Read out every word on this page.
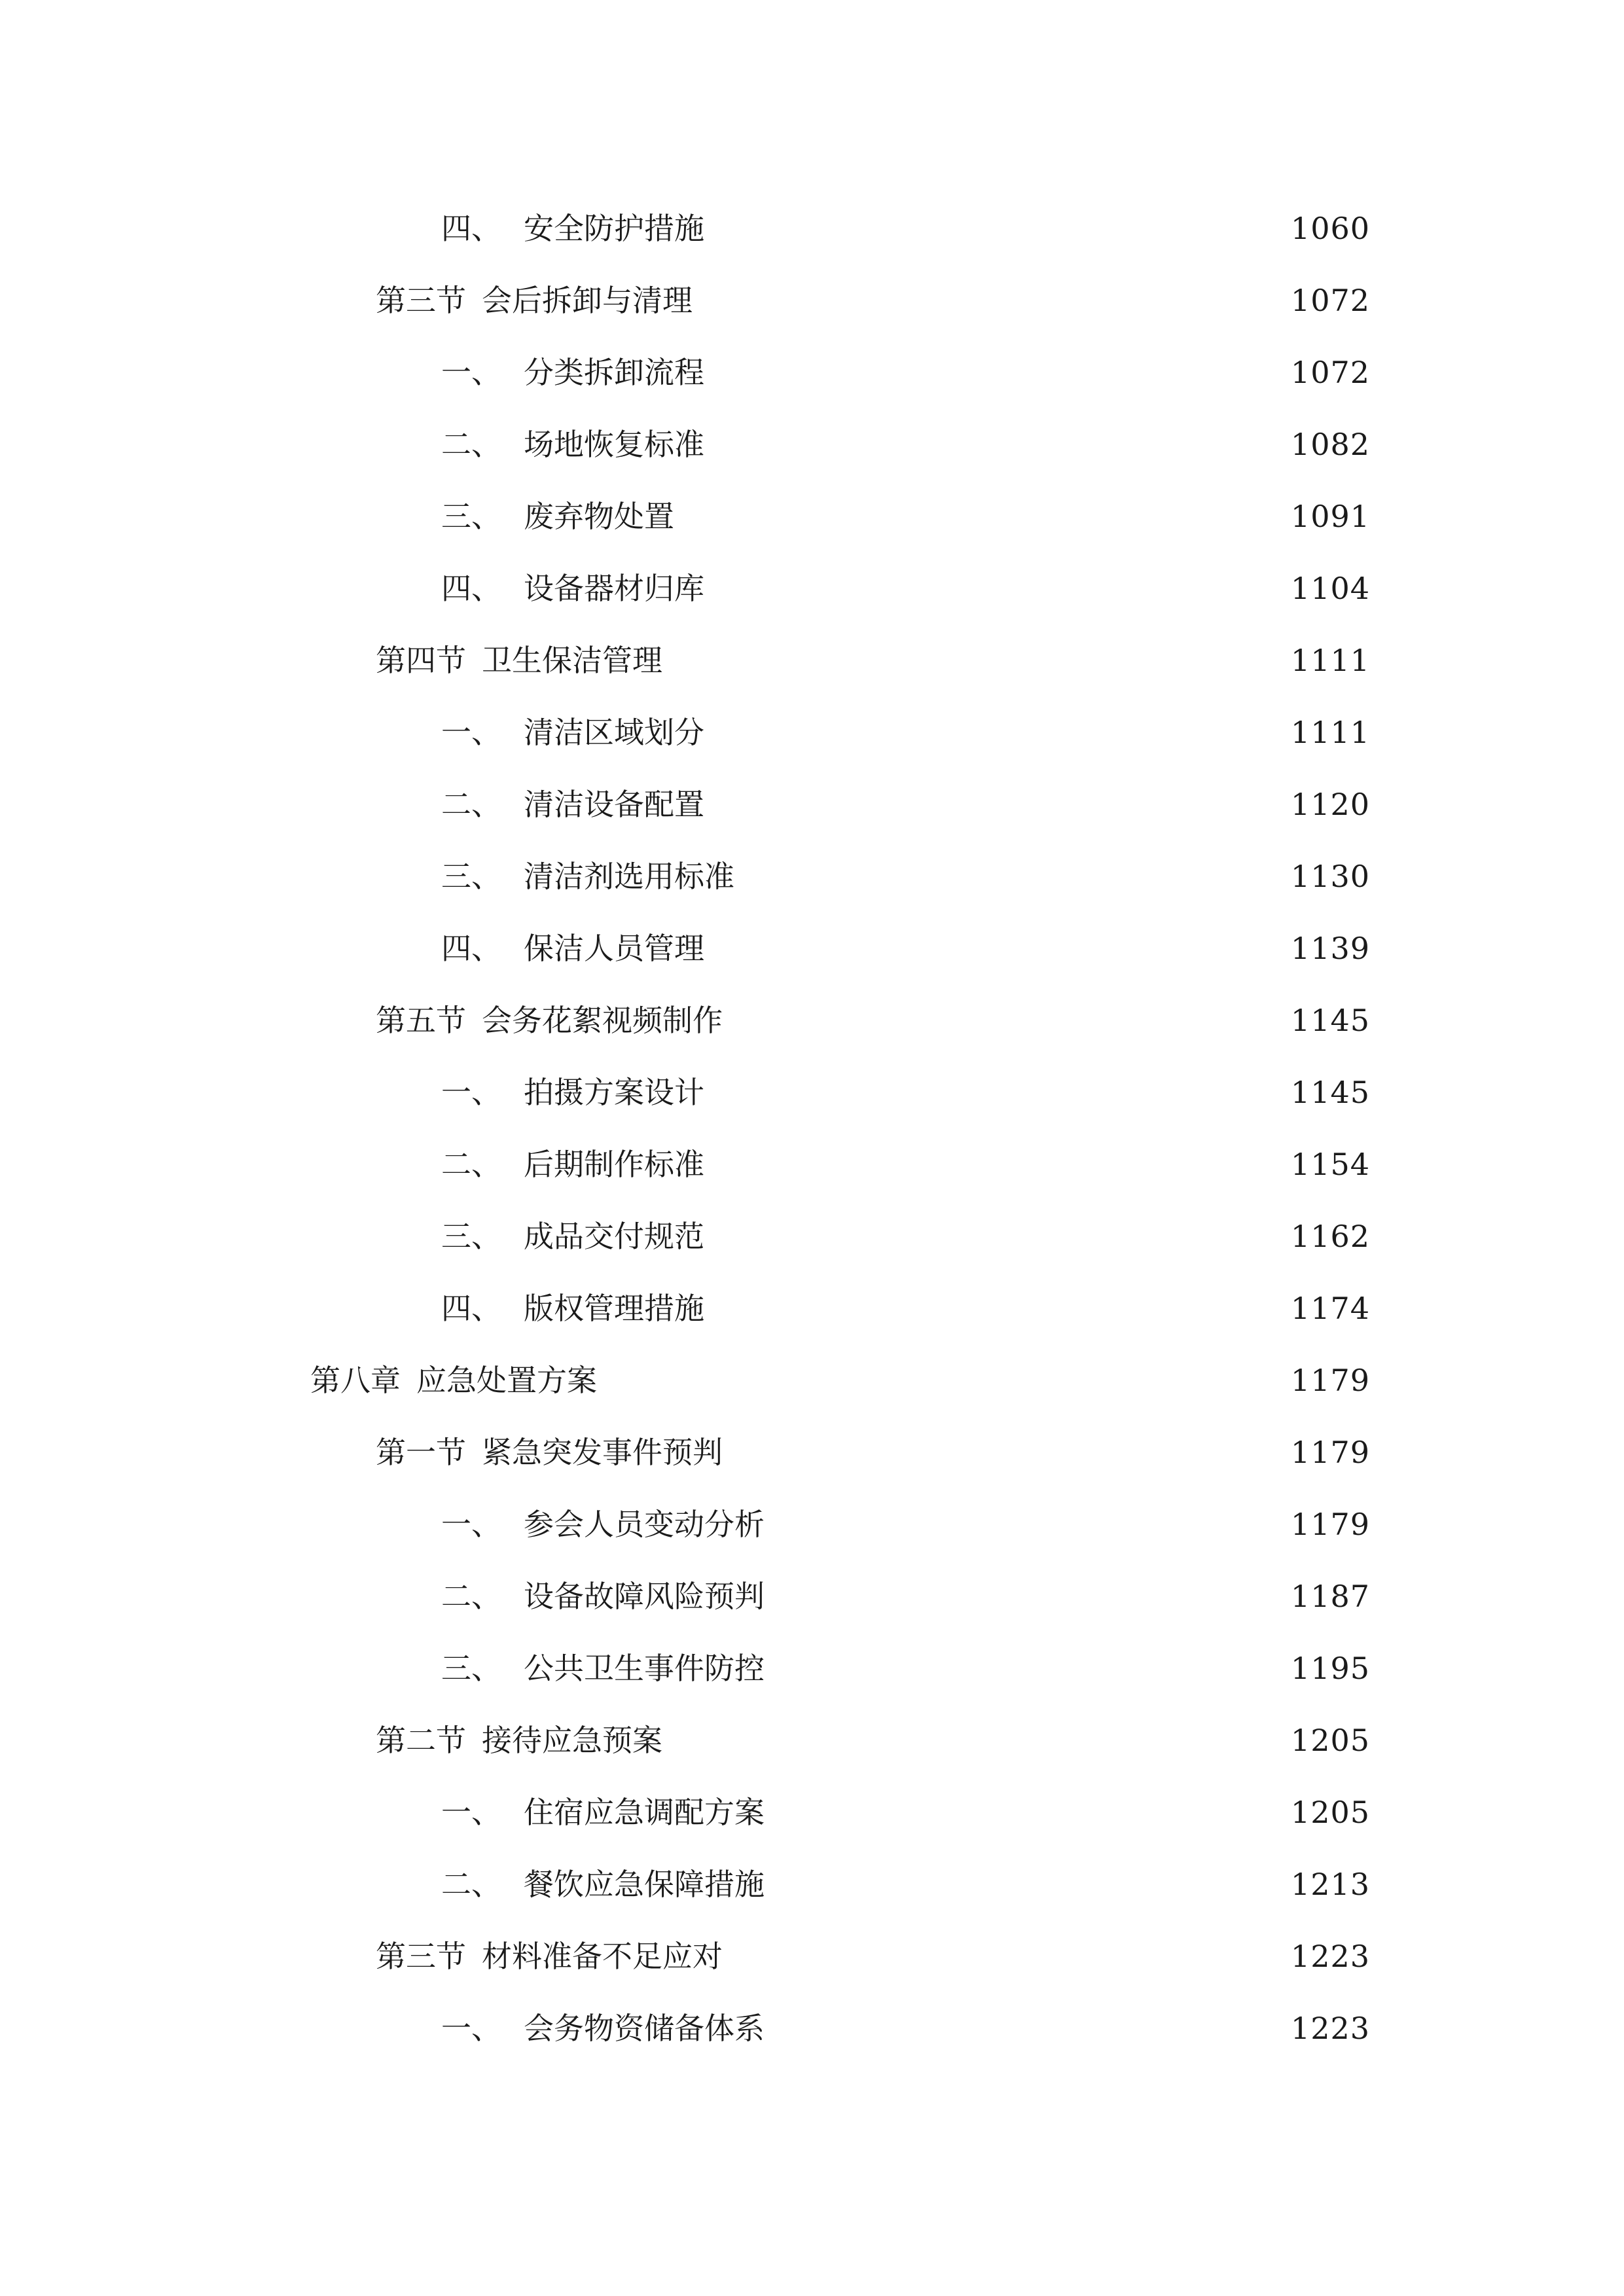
四、 安全防护措施	1060
第三节 会后拆卸与清理	1072
一、 分类拆卸流程	1072
二、 场地恢复标准	1082
三、 废弃物处置	1091
四、 设备器材归库	1104
第四节 卫生保洁管理	1111
一、 清洁区域划分	1111
二、 清洁设备配置	1120
三、 清洁剂选用标准	1130
四、 保洁人员管理	1139
第五节 会务花絮视频制作	1145
一、 拍摄方案设计	1145
二、 后期制作标准	1154
三、 成品交付规范	1162
四、 版权管理措施	1174
第八章 应急处置方案	1179
第一节 紧急突发事件预判	1179
一、 参会人员变动分析	1179
二、 设备故障风险预判	1187
三、 公共卫生事件防控	1195
第二节 接待应急预案	1205
一、 住宿应急调配方案	1205
二、 餐饮应急保障措施	1213
第三节 材料准备不足应对	1223
一、 会务物资储备体系	1223
